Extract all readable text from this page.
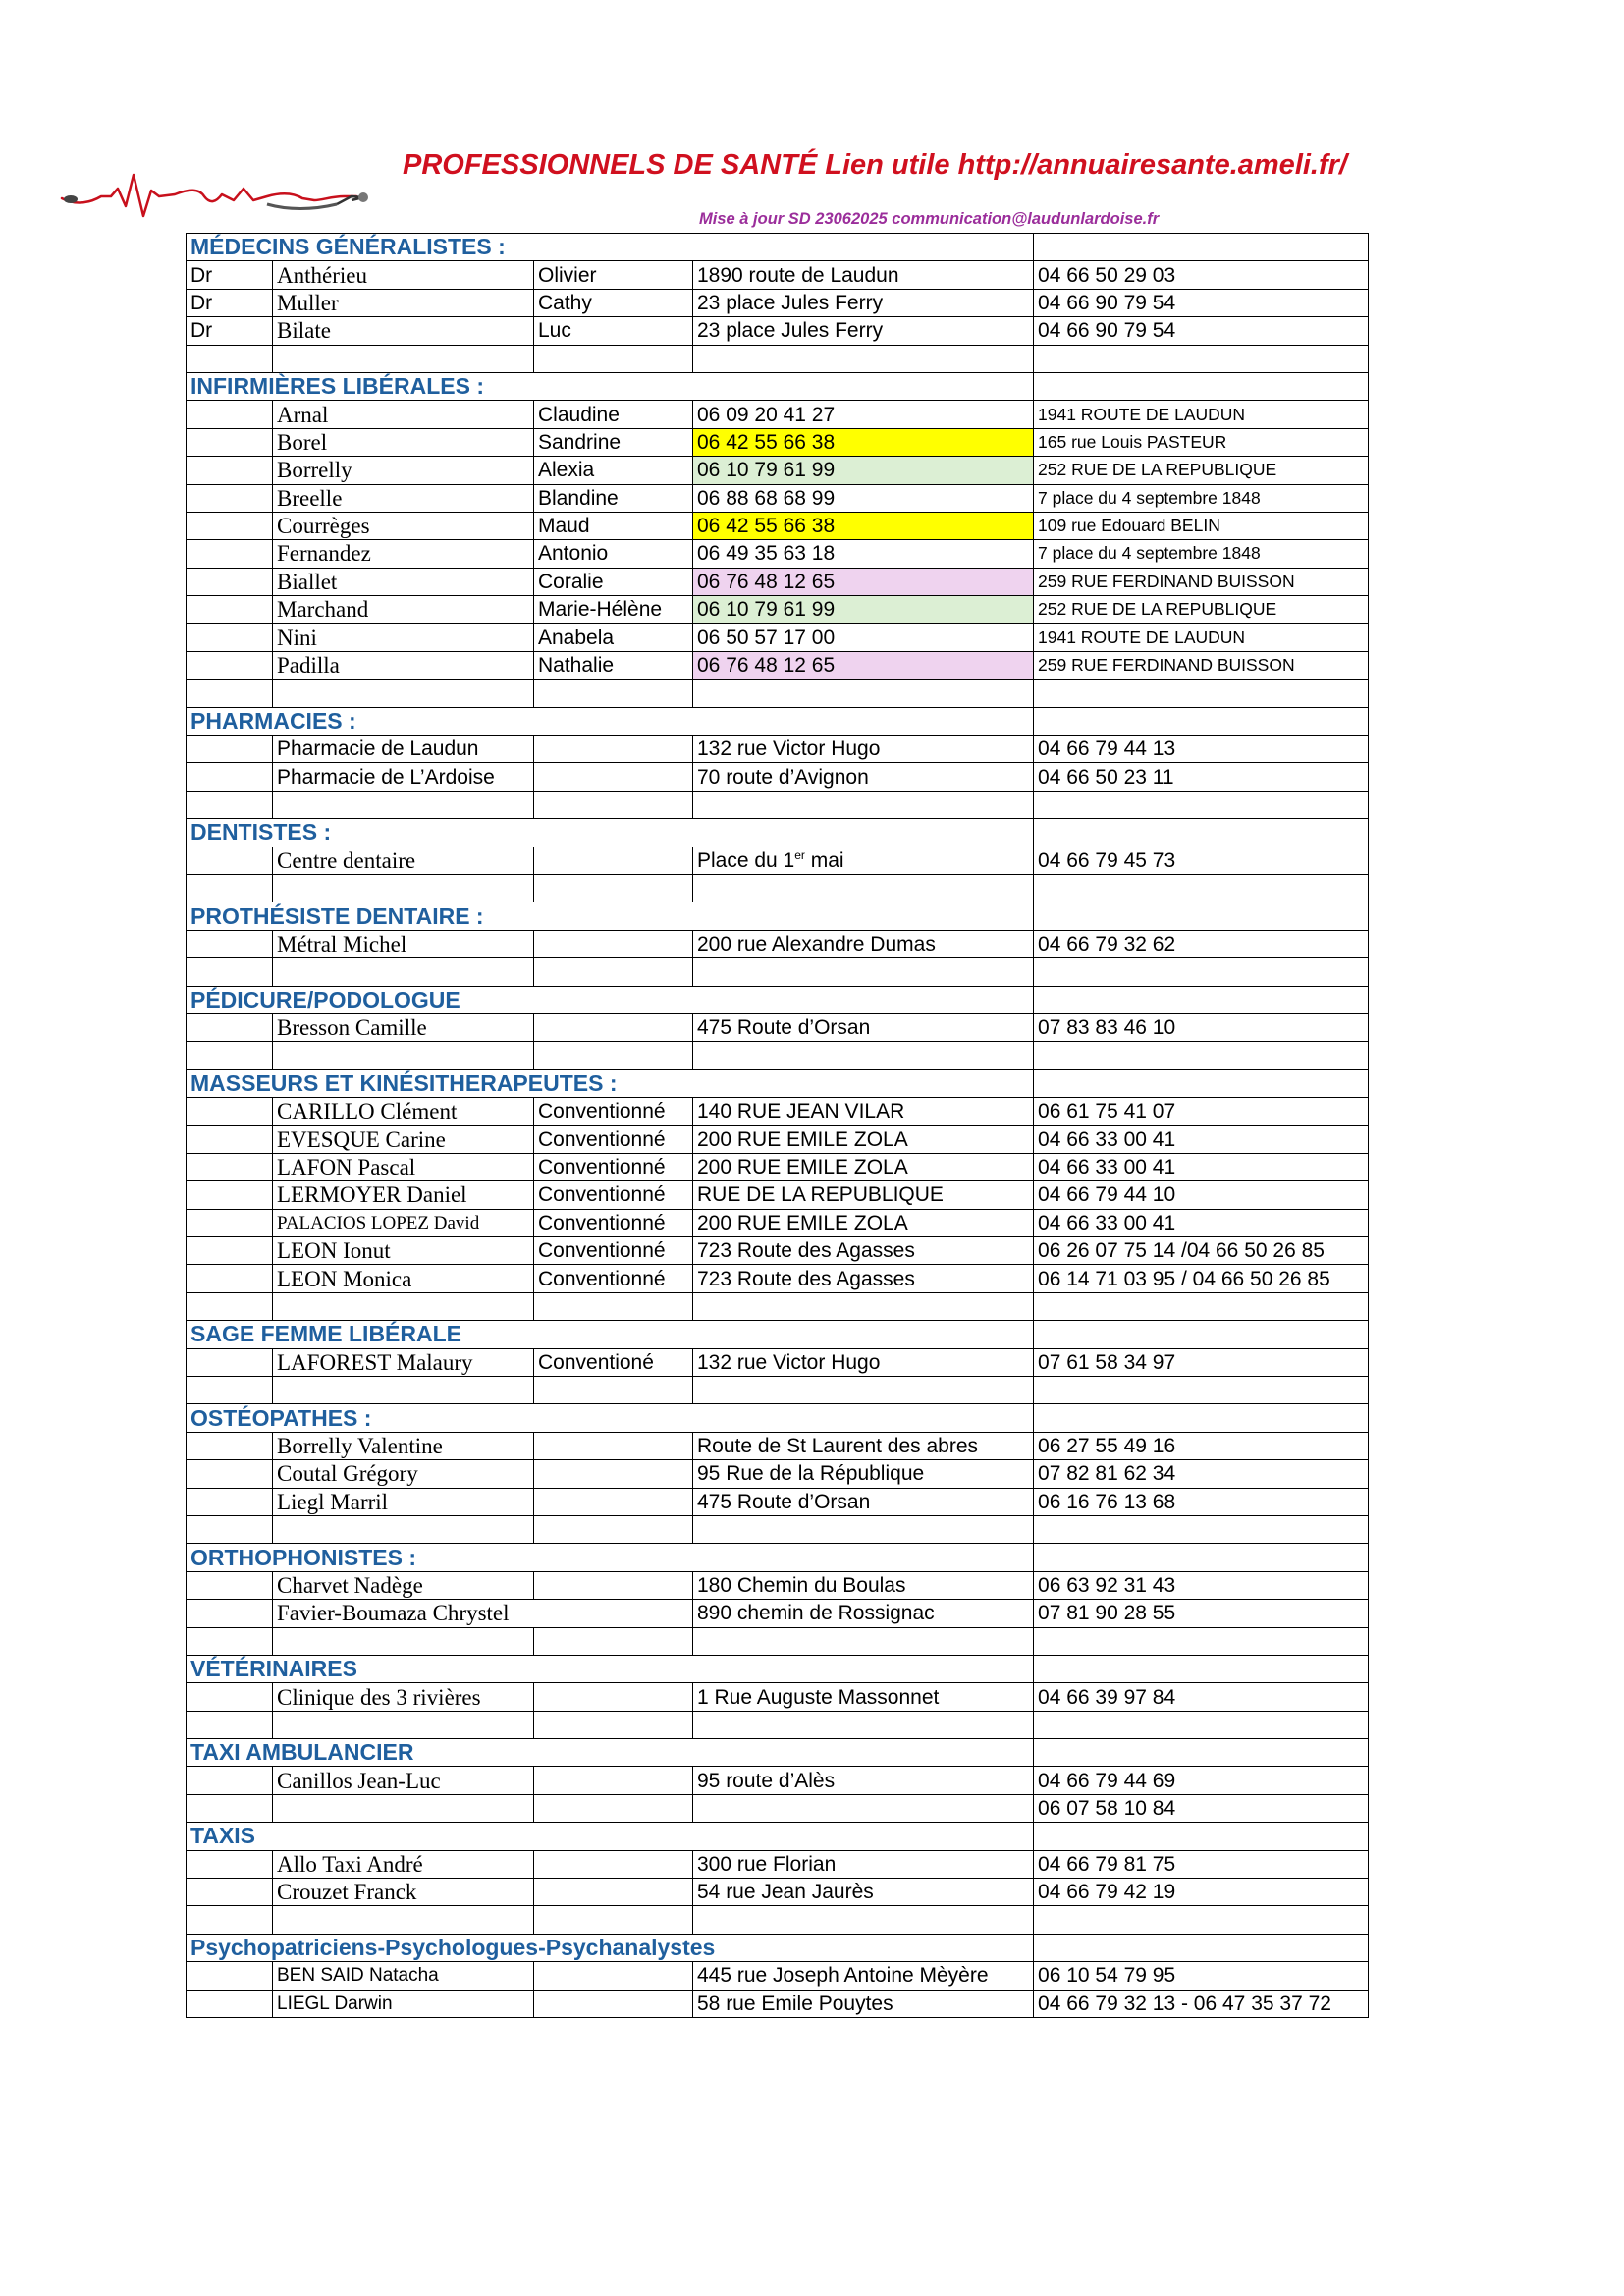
PROFESSIONNELS DE SANTÉ Lien utile http://annuairesante.ameli.fr/
Mise à jour SD 23062025 communication@laudunlardoise.fr
MÉDECINS GÉNÉRALISTES :				
Dr	Anthérieu	Olivier	1890 route de Laudun	04 66 50 29 03
Dr	Muller	Cathy	23 place Jules Ferry	04 66 90 79 54
Dr	Bilate	Luc	23 place Jules Ferry	04 66 90 79 54

INFIRMIÈRES LIBÉRALES :				
	Arnal	Claudine	06 09 20 41 27	1941 ROUTE DE LAUDUN
	Borel	Sandrine	06 42 55 66 38	165 rue Louis PASTEUR
	Borrelly	Alexia	06 10 79 61 99	252 RUE DE LA REPUBLIQUE
	Breelle	Blandine	06 88 68 68 99	7 place du 4 septembre 1848
	Courrèges	Maud	06 42 55 66 38	109 rue Edouard BELIN
	Fernandez	Antonio	06 49 35 63 18	7 place du 4 septembre 1848
	Biallet	Coralie	06 76 48 12 65	259 RUE FERDINAND BUISSON
	Marchand	Marie-Hélène	06 10 79 61 99	252 RUE DE LA REPUBLIQUE
	Nini	Anabela	06 50 57 17 00	1941 ROUTE DE LAUDUN
	Padilla	Nathalie	06 76 48 12 65	259 RUE FERDINAND BUISSON

PHARMACIES :				
	Pharmacie de Laudun		132 rue Victor Hugo	04 66 79 44 13
	Pharmacie de L’Ardoise		70 route d’Avignon	04 66 50 23 11

DENTISTES :				
	Centre dentaire		Place du 1er mai	04 66 79 45 73

PROTHÉSISTE DENTAIRE :				
	Métral Michel		200 rue Alexandre Dumas	04 66 79 32 62

PÉDICURE/PODOLOGUE				
	Bresson Camille		475 Route d’Orsan	07 83 83 46 10

MASSEURS ET KINÉSITHERAPEUTES :				
	CARILLO Clément	Conventionné	140 RUE JEAN VILAR	06 61 75 41 07
	EVESQUE Carine	Conventionné	200 RUE EMILE ZOLA	04 66 33 00 41
	LAFON Pascal	Conventionné	200 RUE EMILE ZOLA	04 66 33 00 41
	LERMOYER Daniel	Conventionné	RUE DE LA REPUBLIQUE	04 66 79 44 10
	PALACIOS LOPEZ David	Conventionné	200 RUE EMILE ZOLA	04 66 33 00 41
	LEON Ionut	Conventionné	723 Route des Agasses	06 26 07 75 14 /04 66 50 26 85
	LEON Monica	Conventionné	723 Route des Agasses	06 14 71 03 95 / 04 66 50 26 85

SAGE FEMME LIBÉRALE				
	LAFOREST Malaury	Conventioné	132 rue Victor Hugo	07 61 58 34 97

OSTÉOPATHES :				
	Borrelly Valentine		Route de St Laurent des abres	06 27 55 49 16
	Coutal Grégory		95 Rue de la République	07 82 81 62 34
	Liegl Marril		475 Route d’Orsan	06 16 76 13 68

ORTHOPHONISTES :				
	Charvet Nadège		180 Chemin du Boulas	06 63 92 31 43
	Favier-Boumaza Chrystel		890 chemin de Rossignac	07 81 90 28 55

VÉTÉRINAIRES				
	Clinique des 3 rivières		1 Rue Auguste Massonnet	04 66 39 97 84

TAXI AMBULANCIER				
	Canillos Jean-Luc		95 route d’Alès	04 66 79 44 69
				06 07 58 10 84
TAXIS				
	Allo Taxi André		300 rue Florian	04 66 79 81 75
	Crouzet Franck		54 rue Jean Jaurès	04 66 79 42 19

Psychopatriciens-Psychologues-Psychanalystes				
	BEN SAID Natacha		445 rue Joseph Antoine Mèyère	06 10 54 79 95
	LIEGL Darwin		58 rue Emile Pouytes	04 66 79 32 13 - 06 47 35 37 72
